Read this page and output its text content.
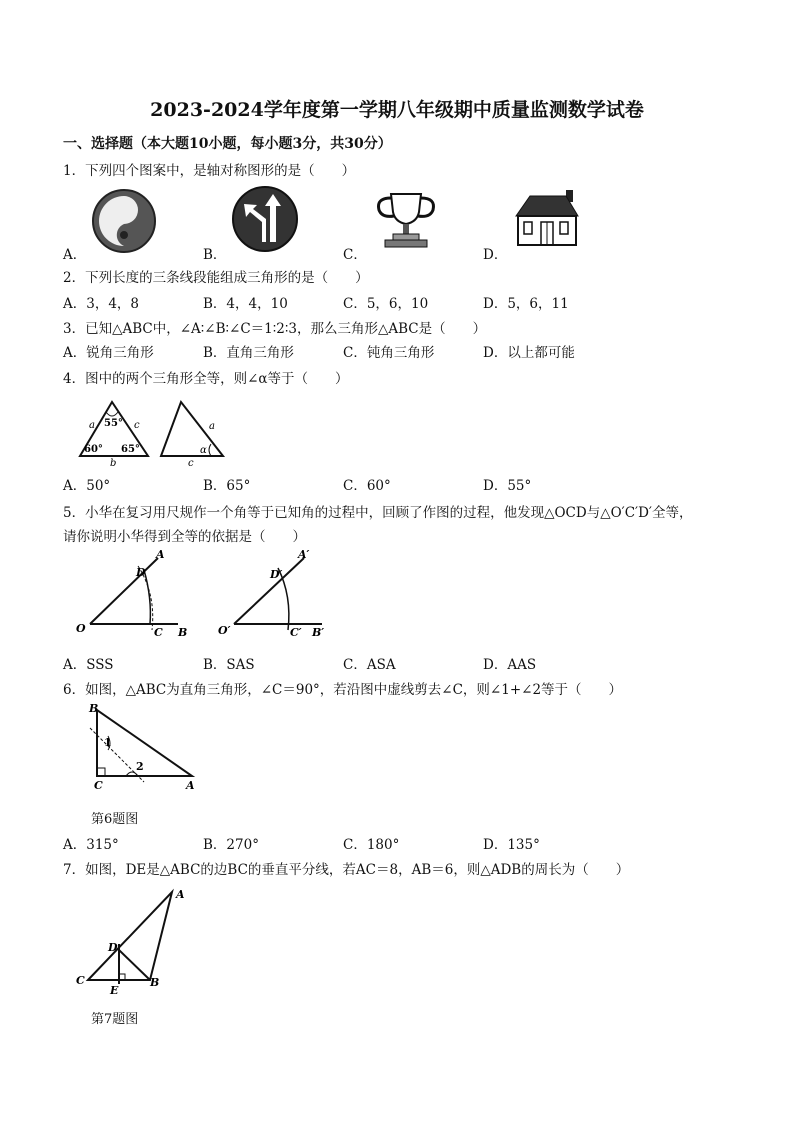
2023-2024学年度第一学期八年级期中质量监测数学试卷
一、选择题（本大题10小题，每小题3分，共30分）
1．下列四个图案中，是轴对称图形的是（　　）
A．	B．	C．	D．
2．下列长度的三条线段能组成三角形的是（　　）
A．3，4，8	B．4，4，10	C．5，6，10	D．5，6，11
3．已知△ABC中，∠A∶∠B∶∠C＝1∶2∶3，那么三角形△ABC是（　　）
A．锐角三角形	B．直角三角形	C．钝角三角形	D．以上都可能
4．图中的两个三角形全等，则∠α等于（　　）
55°
60° 65°
a	c
b
a
α
c
A．50°	B．65°	C．60°	D．55°
5．小华在复习用尺规作一个角等于已知角的过程中，回顾了作图的过程，他发现△OCD与△O′C′D′全等，
请你说明小华得到全等的依据是（　　）
O	C B
D
A
O′	C′ B′
D′
A′
A．SSS	B．SAS	C．ASA	D．AAS
6．如图，△ABC为直角三角形，∠C＝90°，若沿图中虚线剪去∠C，则∠1+∠2等于（　　）
B
C	A
1
2
第6题图
A．315°	B．270°	C．180°	D．135°
7．如图，DE是△ABC的边BC的垂直平分线，若AC＝8，AB＝6，则△ADB的周长为（　　）
A
D
C
E
B
第7题图
